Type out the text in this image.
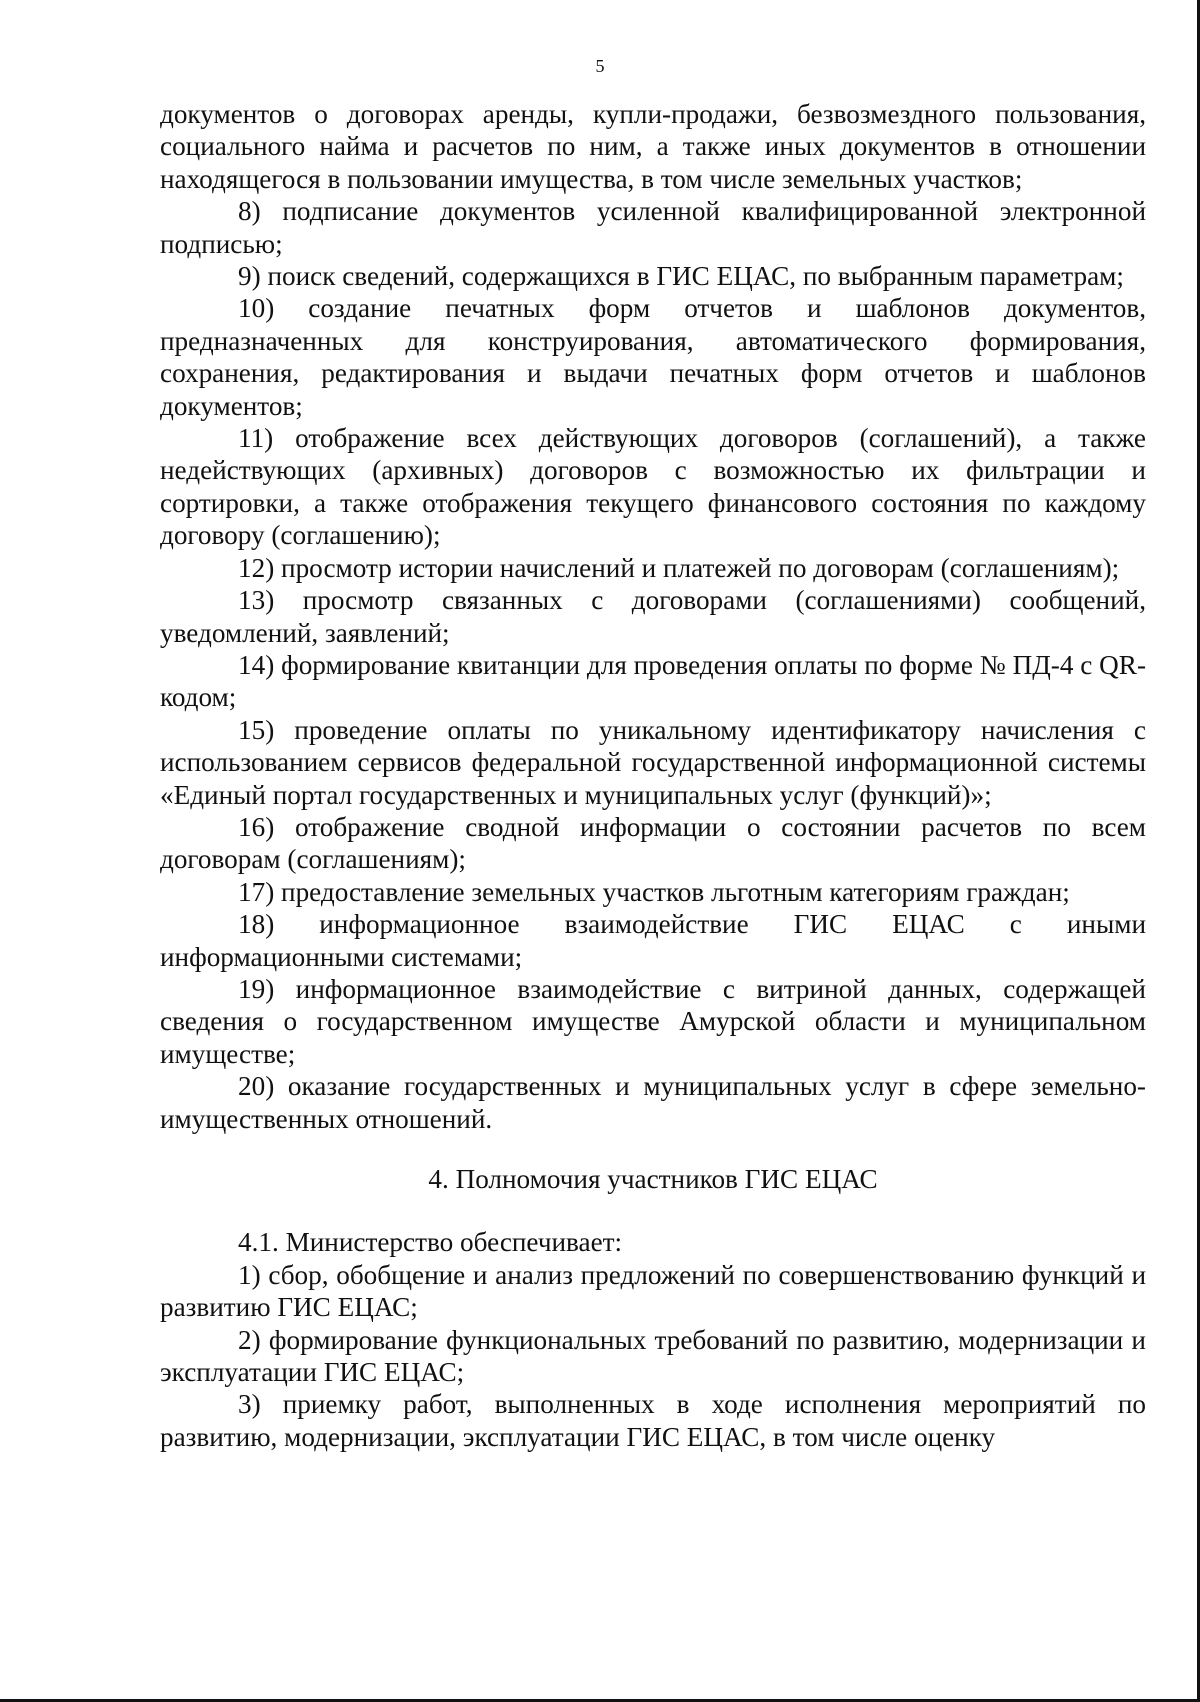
5

документов о договорах аренды, купли-продажи, безвозмездного пользования, социального найма и расчетов по ним, а также иных документов в отношении находящегося в пользовании имущества, в том числе земельных участков;

8) подписание документов усиленной квалифицированной электронной подписью;

9) поиск сведений, содержащихся в ГИС ЕЦАС, по выбранным параметрам;

10) создание печатных форм отчетов и шаблонов документов, предназначенных для конструирования, автоматического формирования, сохранения, редактирования и выдачи печатных форм отчетов и шаблонов документов;

11) отображение всех действующих договоров (соглашений), а также недействующих (архивных) договоров с возможностью их фильтрации и сортировки, а также отображения текущего финансового состояния по каждому договору (соглашению);

12) просмотр истории начислений и платежей по договорам (соглашениям);

13) просмотр связанных с договорами (соглашениями) сообщений, уведомлений, заявлений;

14) формирование квитанции для проведения оплаты по форме № ПД-4 с QR-кодом;

15) проведение оплаты по уникальному идентификатору начисления с использованием сервисов федеральной государственной информационной системы «Единый портал государственных и муниципальных услуг (функций)»;

16) отображение сводной информации о состоянии расчетов по всем договорам (соглашениям);

17) предоставление земельных участков льготным категориям граждан;

18) информационное взаимодействие ГИС ЕЦАС с иными информационными системами;

19) информационное взаимодействие с витриной данных, содержащей сведения о государственном имуществе Амурской области и муниципальном имуществе;

20) оказание государственных и муниципальных услуг в сфере земельно-имущественных отношений.

4. Полномочия участников ГИС ЕЦАС

4.1. Министерство обеспечивает:

1) сбор, обобщение и анализ предложений по совершенствованию функций и развитию ГИС ЕЦАС;

2) формирование функциональных требований по развитию, модернизации и эксплуатации ГИС ЕЦАС;

3) приемку работ, выполненных в ходе исполнения мероприятий по развитию, модернизации, эксплуатации ГИС ЕЦАС, в том числе оценку
